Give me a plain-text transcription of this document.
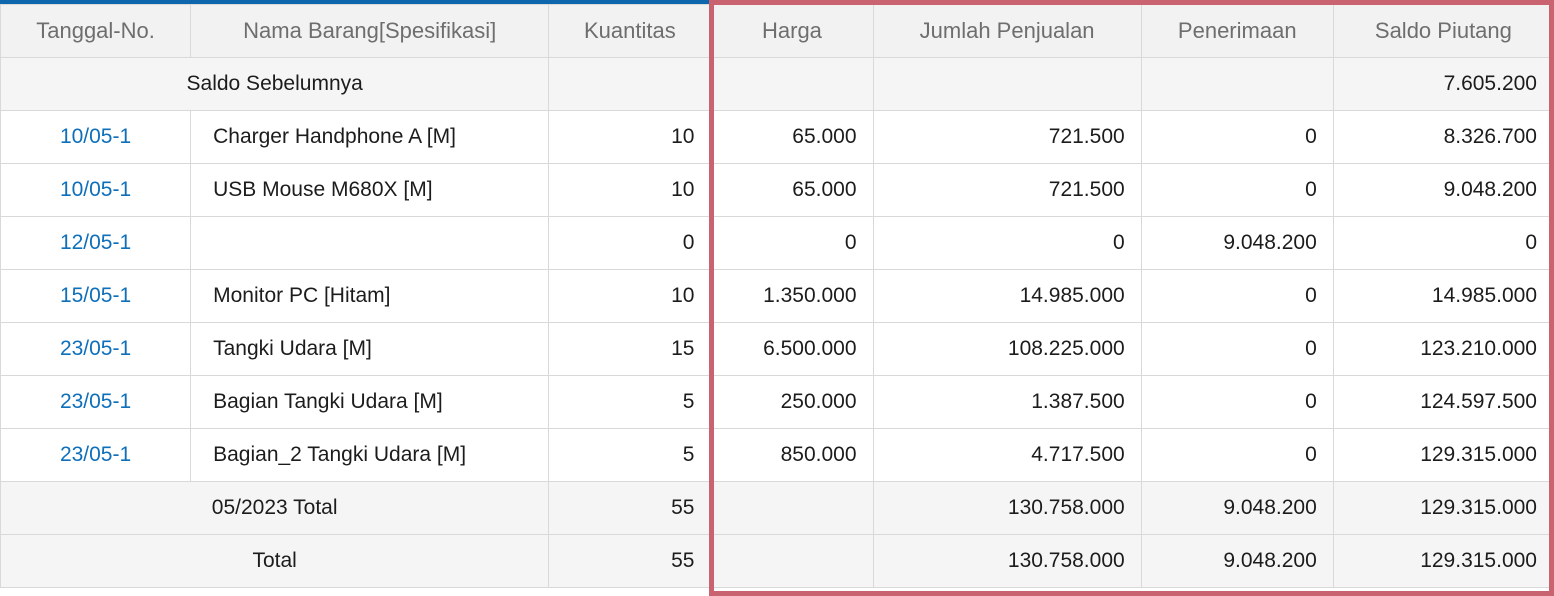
Tanggal-No.	Nama Barang[Spesifikasi]	Kuantitas	Harga	Jumlah Penjualan	Penerimaan	Saldo Piutang
Saldo Sebelumnya						7.605.200
10/05-1	Charger Handphone A [M]	10	65.000	721.500	0	8.326.700
10/05-1	USB Mouse M680X [M]	10	65.000	721.500	0	9.048.200
12/05-1		0	0	0	9.048.200	0
15/05-1	Monitor PC [Hitam]	10	1.350.000	14.985.000	0	14.985.000
23/05-1	Tangki Udara [M]	15	6.500.000	108.225.000	0	123.210.000
23/05-1	Bagian Tangki Udara [M]	5	250.000	1.387.500	0	124.597.500
23/05-1	Bagian_2 Tangki Udara [M]	5	850.000	4.717.500	0	129.315.000
05/2023 Total		55		130.758.000	9.048.200	129.315.000
Total		55		130.758.000	9.048.200	129.315.000
